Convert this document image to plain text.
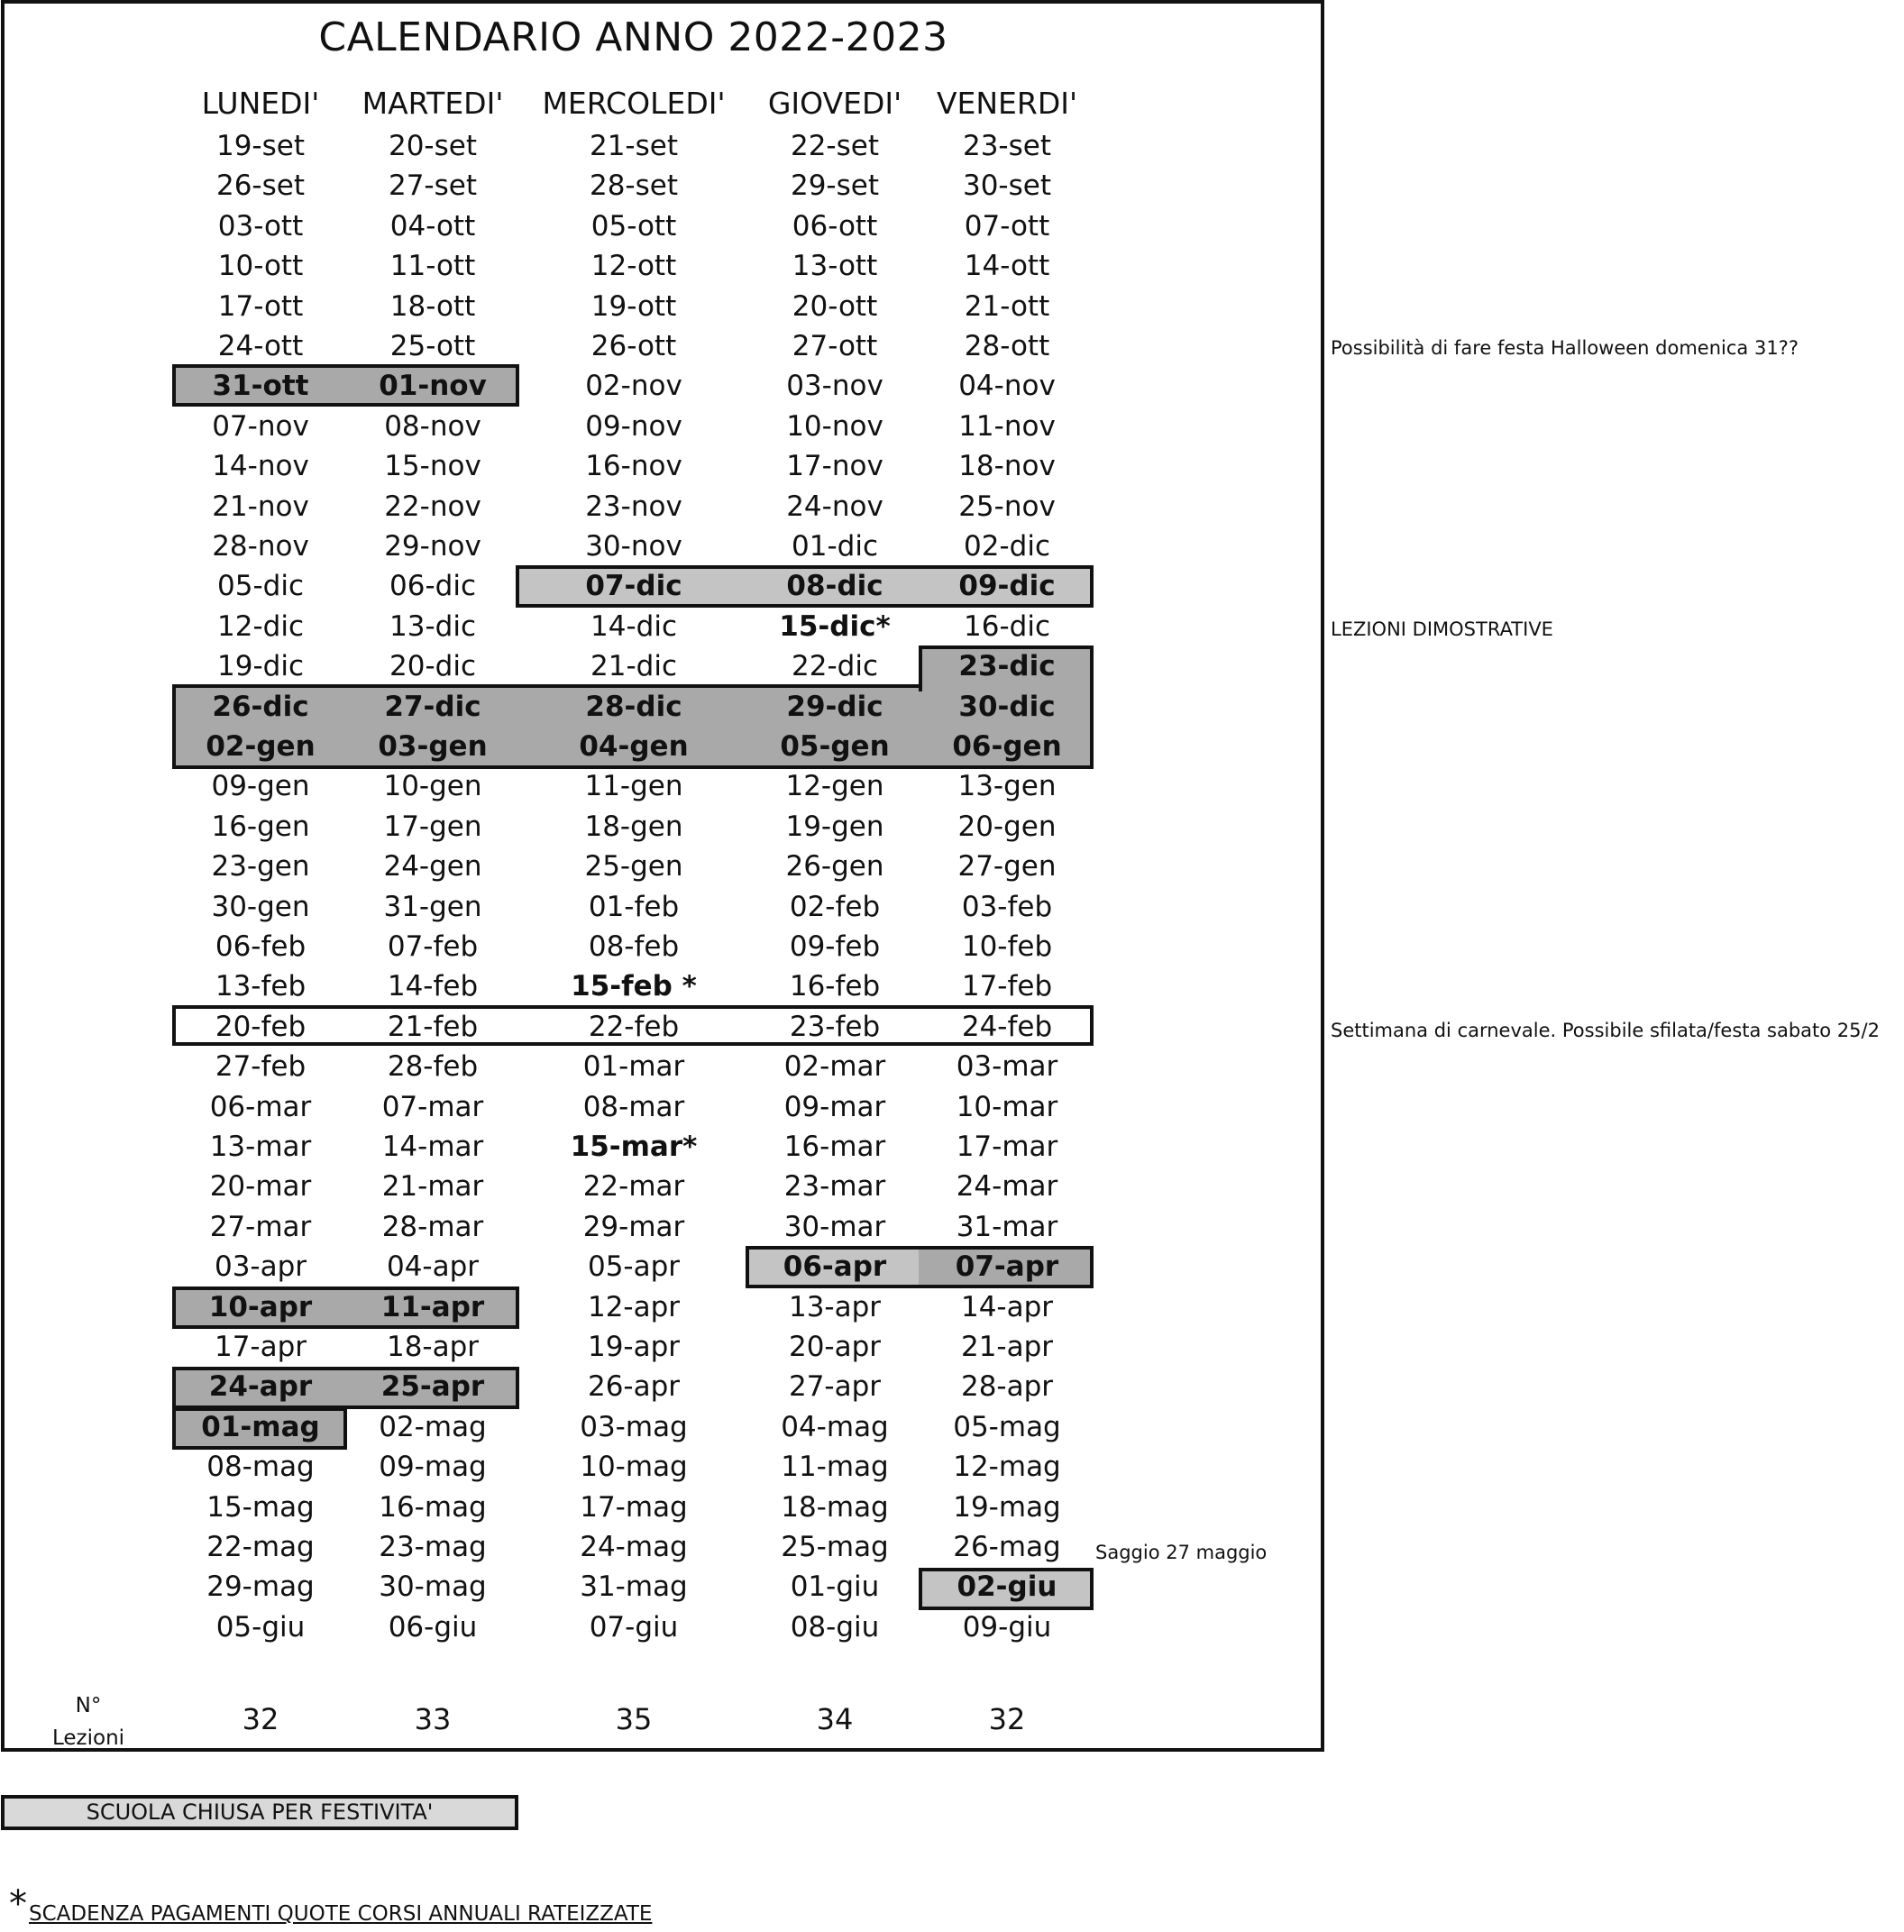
CALENDARIO ANNO 2022-2023
LUNEDI'	MARTEDI'	MERCOLEDI'	GIOVEDI'	VENERDI'
19-set	20-set	21-set	22-set	23-set
26-set	27-set	28-set	29-set	30-set
03-ott	04-ott	05-ott	06-ott	07-ott
10-ott	11-ott	12-ott	13-ott	14-ott
17-ott	18-ott	19-ott	20-ott	21-ott
24-ott	25-ott	26-ott	27-ott	28-ott
31-ott	01-nov	02-nov	03-nov	04-nov
07-nov	08-nov	09-nov	10-nov	11-nov
14-nov	15-nov	16-nov	17-nov	18-nov
21-nov	22-nov	23-nov	24-nov	25-nov
28-nov	29-nov	30-nov	01-dic	02-dic
05-dic	06-dic	07-dic	08-dic	09-dic
12-dic	13-dic	14-dic	15-dic*	16-dic
19-dic	20-dic	21-dic	22-dic	23-dic
26-dic	27-dic	28-dic	29-dic	30-dic
02-gen	03-gen	04-gen	05-gen	06-gen
09-gen	10-gen	11-gen	12-gen	13-gen
16-gen	17-gen	18-gen	19-gen	20-gen
23-gen	24-gen	25-gen	26-gen	27-gen
30-gen	31-gen	01-feb	02-feb	03-feb
06-feb	07-feb	08-feb	09-feb	10-feb
13-feb	14-feb	15-feb *	16-feb	17-feb
20-feb	21-feb	22-feb	23-feb	24-feb
27-feb	28-feb	01-mar	02-mar	03-mar
06-mar	07-mar	08-mar	09-mar	10-mar
13-mar	14-mar	15-mar*	16-mar	17-mar
20-mar	21-mar	22-mar	23-mar	24-mar
27-mar	28-mar	29-mar	30-mar	31-mar
03-apr	04-apr	05-apr	06-apr	07-apr
10-apr	11-apr	12-apr	13-apr	14-apr
17-apr	18-apr	19-apr	20-apr	21-apr
24-apr	25-apr	26-apr	27-apr	28-apr
01-mag	02-mag	03-mag	04-mag	05-mag
08-mag	09-mag	10-mag	11-mag	12-mag
15-mag	16-mag	17-mag	18-mag	19-mag
22-mag	23-mag	24-mag	25-mag	26-mag
29-mag	30-mag	31-mag	01-giu	02-giu
05-giu	06-giu	07-giu	08-giu	09-giu
N°
Lezioni
32	33	35	34	32
Possibilità di fare festa Halloween domenica 31??
LEZIONI DIMOSTRATIVE
Settimana di carnevale. Possibile sfilata/festa sabato 25/2
Saggio 27 maggio
SCUOLA CHIUSA PER FESTIVITA'
* SCADENZA PAGAMENTI QUOTE CORSI ANNUALI RATEIZZATE
